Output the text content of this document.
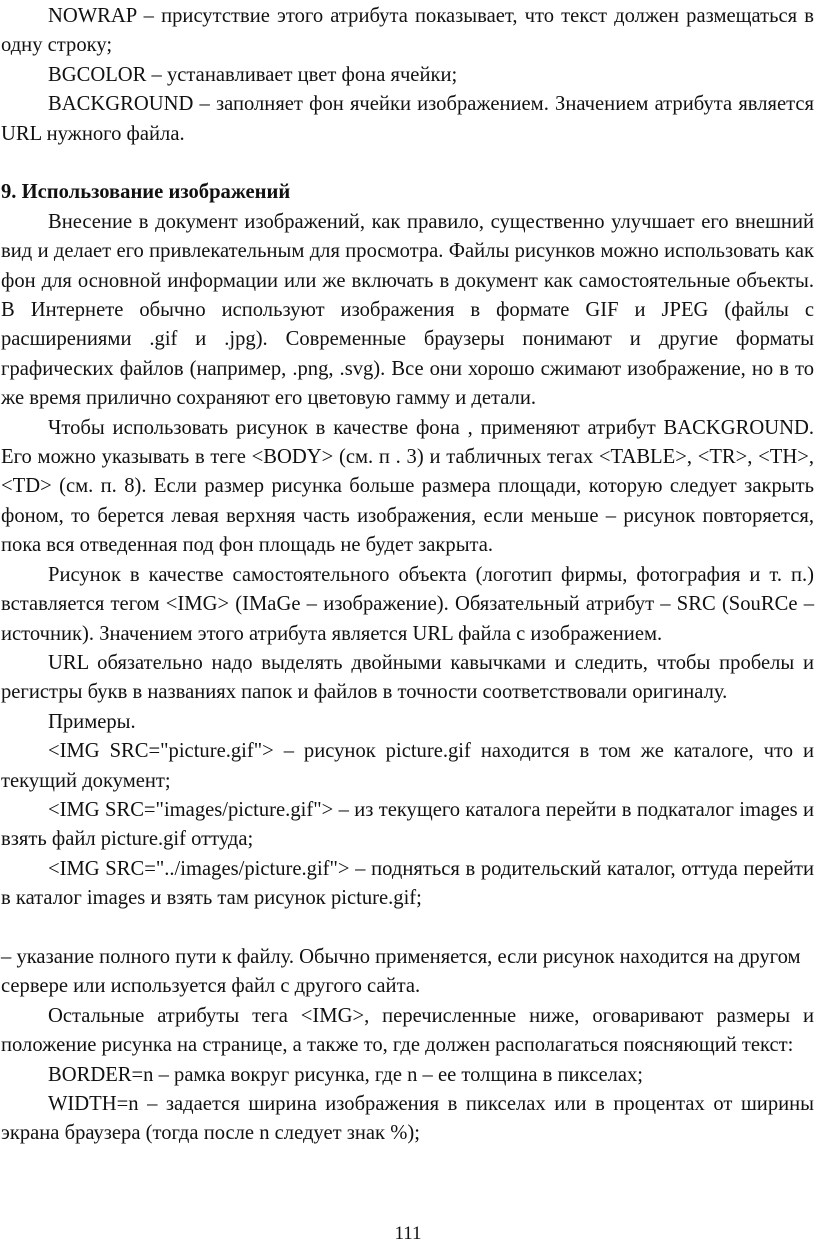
NOWRAP – присутствие этого атрибута показывает, что текст должен размещаться в одну строку;

BGCOLOR – устанавливает цвет фона ячейки;

BACKGROUND – заполняет фон ячейки изображением. Значением атрибута является URL нужного файла.

9. Использование изображений

Внесение в документ изображений, как правило, существенно улучшает его внешний вид и делает его привлекательным для просмотра. Файлы рисунков можно использовать как фон для основной информации или же включать в документ как самостоятельные объекты. В Интернете обычно используют изображения в формате GIF и JPEG (файлы с расширениями .gif и .jpg). Современные браузеры понимают и другие форматы графических файлов (например, .png, .svg). Все они хорошо сжимают изображение, но в то же время прилично сохраняют его цветовую гамму и детали.

Чтобы использовать рисунок в качестве фона , применяют атрибут BACKGROUND. Его можно указывать в теге <BODY> (см. п . 3) и табличных тегах <TABLE>, <TR>, <TH>, <TD> (см. п. 8). Если размер рисунка больше размера площади, которую следует закрыть фоном, то берется левая верхняя часть изображения, если меньше – рисунок повторяется, пока вся отведенная под фон площадь не будет закрыта.

Рисунок в качестве самостоятельного объекта (логотип фирмы, фотография и т. п.) вставляется тегом <IMG> (IMaGe – изображение). Обязательный атрибут – SRC (SouRCe – источник). Значением этого атрибута является URL файла с изображением.

URL обязательно надо выделять двойными кавычками и следить, чтобы пробелы и регистры букв в названиях папок и файлов в точности соответствовали оригиналу.

Примеры.

<IMG SRC="picture.gif"> – рисунок picture.gif находится в том же каталоге, что и текущий документ;

<IMG SRC="images/picture.gif"> – из текущего каталога перейти в подкаталог images и взять файл picture.gif оттуда;

<IMG SRC="../images/picture.gif"> – подняться в родительский каталог, оттуда перейти в каталог images и взять там рисунок picture.gif;

– указание полного пути к файлу. Обычно применяется, если рисунок находится на другом сервере или используется файл с другого сайта.

Остальные атрибуты тега <IMG>, перечисленные ниже, оговаривают размеры и положение рисунка на странице, а также то, где должен располагаться поясняющий текст:

BORDER=n – рамка вокруг рисунка, где n – ее толщина в пикселах;

WIDTH=n – задается ширина изображения в пикселах или в процентах от ширины экрана браузера (тогда после n следует знак %);

111
